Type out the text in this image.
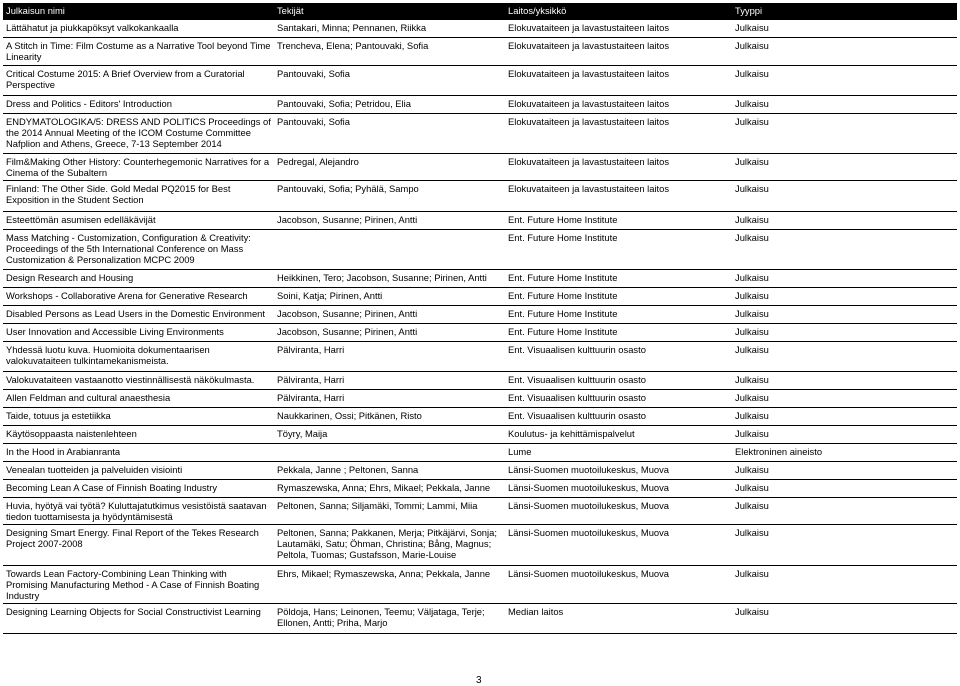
Julkaisun nimi	Tekijät	Laitos/yksikkö	Tyyppi
Lättähatut ja piukkapöksyt valkokankaalla	Santakari, Minna; Pennanen, Riikka	Elokuvataiteen ja lavastustaiteen laitos	Julkaisu
A Stitch in Time: Film Costume as a Narrative Tool beyond Time Linearity	Trencheva, Elena; Pantouvaki, Sofia	Elokuvataiteen ja lavastustaiteen laitos	Julkaisu
Critical Costume 2015: A Brief Overview from a Curatorial Perspective	Pantouvaki, Sofia	Elokuvataiteen ja lavastustaiteen laitos	Julkaisu
Dress and Politics - Editors' Introduction	Pantouvaki, Sofia; Petridou, Elia	Elokuvataiteen ja lavastustaiteen laitos	Julkaisu
ENDYMATOLOGIKA/5: DRESS AND POLITICS Proceedings of the 2014 Annual Meeting of the ICOM Costume Committee Nafplion and Athens, Greece, 7-13 September 2014	Pantouvaki, Sofia	Elokuvataiteen ja lavastustaiteen laitos	Julkaisu
Film&Making Other History: Counterhegemonic Narratives for a Cinema of the Subaltern	Pedregal, Alejandro	Elokuvataiteen ja lavastustaiteen laitos	Julkaisu
Finland: The Other Side. Gold Medal PQ2015 for Best Exposition in the Student Section	Pantouvaki, Sofia; Pyhälä, Sampo	Elokuvataiteen ja lavastustaiteen laitos	Julkaisu
Esteettömän asumisen edelläkävijät	Jacobson, Susanne; Pirinen, Antti	Ent. Future Home Institute	Julkaisu
Mass Matching - Customization, Configuration & Creativity: Proceedings of the 5th International Conference on Mass Customization & Personalization MCPC 2009		Ent. Future Home Institute	Julkaisu
Design Research and Housing	Heikkinen, Tero; Jacobson, Susanne; Pirinen, Antti	Ent. Future Home Institute	Julkaisu
Workshops - Collaborative Arena for Generative Research	Soini, Katja; Pirinen, Antti	Ent. Future Home Institute	Julkaisu
Disabled Persons as Lead Users in the Domestic Environment	Jacobson, Susanne; Pirinen, Antti	Ent. Future Home Institute	Julkaisu
User Innovation and Accessible Living Environments	Jacobson, Susanne; Pirinen, Antti	Ent. Future Home Institute	Julkaisu
Yhdessä luotu kuva. Huomioita dokumentaarisen valokuvataiteen tulkintamekanismeista.	Pälviranta, Harri	Ent. Visuaalisen kulttuurin osasto	Julkaisu
Valokuvataiteen vastaanotto viestinnällisestä näkökulmasta.	Pälviranta, Harri	Ent. Visuaalisen kulttuurin osasto	Julkaisu
Allen Feldman and cultural anaesthesia	Pälviranta, Harri	Ent. Visuaalisen kulttuurin osasto	Julkaisu
Taide, totuus ja estetiikka	Naukkarinen, Ossi; Pitkänen, Risto	Ent. Visuaalisen kulttuurin osasto	Julkaisu
Käytösoppaasta naistenlehteen	Töyry, Maija	Koulutus- ja kehittämispalvelut	Julkaisu
In the Hood in Arabianranta		Lume	Elektroninen aineisto
Venealan tuotteiden ja palveluiden visiointi	Pekkala, Janne ; Peltonen, Sanna	Länsi-Suomen muotoilukeskus, Muova	Julkaisu
Becoming Lean A Case of Finnish Boating Industry	Rymaszewska, Anna; Ehrs, Mikael; Pekkala, Janne	Länsi-Suomen muotoilukeskus, Muova	Julkaisu
Huvia, hyötyä vai työtä? Kuluttajatutkimus vesistöistä saatavan tiedon tuottamisesta ja hyödyntämisestä	Peltonen, Sanna; Siljamäki, Tommi; Lammi, Miia	Länsi-Suomen muotoilukeskus, Muova	Julkaisu
Designing Smart Energy. Final Report of the Tekes Research Project 2007-2008	Peltonen, Sanna; Pakkanen, Merja; Pitkäjärvi, Sonja; Lautamäki, Satu; Öhman, Christina; Bång, Magnus; Peltola, Tuomas; Gustafsson, Marie-Louise	Länsi-Suomen muotoilukeskus, Muova	Julkaisu
Towards Lean Factory-Combining Lean Thinking with Promising Manufacturing Method - A Case of Finnish Boating Industry	Ehrs, Mikael; Rymaszewska, Anna; Pekkala, Janne	Länsi-Suomen muotoilukeskus, Muova	Julkaisu
Designing Learning Objects for Social Constructivist Learning	Pöldoja, Hans; Leinonen, Teemu; Väljataga, Terje; Ellonen, Antti; Priha, Marjo	Median laitos	Julkaisu
3
